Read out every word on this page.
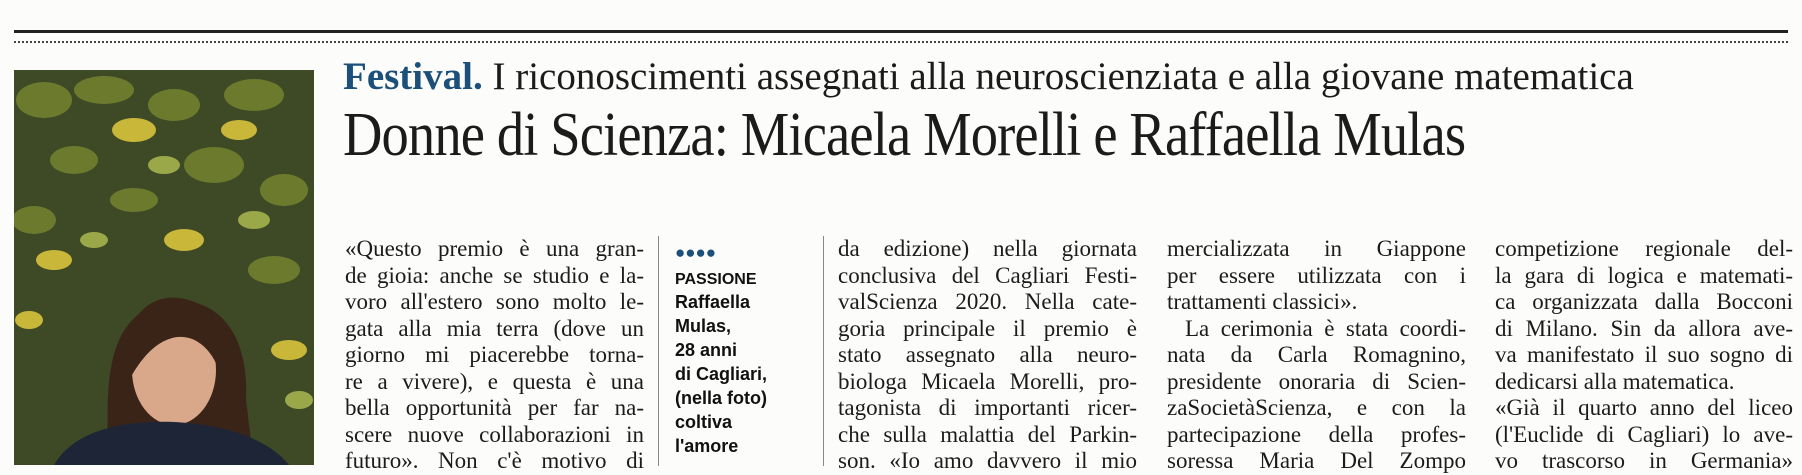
Festival. I riconoscimenti assegnati alla neuroscienziata e alla giovane matematica
Donne di Scienza: Micaela Morelli e Raffaella Mulas
«Questo premio è una gran-
de gioia: anche se studio e la-
voro all'estero sono molto le-
gata alla mia terra (dove un
giorno mi piacerebbe torna-
re a vivere), e questa è una
bella opportunità per far na-
scere nuove collaborazioni in
futuro». Non c'è motivo di
●●●●
PASSIONE
Raffaella
Mulas,
28 anni
di Cagliari,
(nella foto)
coltiva
l'amore
da edizione) nella giornata
conclusiva del Cagliari Festi-
valScienza 2020. Nella cate-
goria principale il premio è
stato assegnato alla neuro-
biologa Micaela Morelli, pro-
tagonista di importanti ricer-
che sulla malattia del Parkin-
son. «Io amo davvero il mio
mercializzata in Giappone
per essere utilizzata con i
trattamenti classici».
La cerimonia è stata coordi-
nata da Carla Romagnino,
presidente onoraria di Scien-
zaSocietàScienza, e con la
partecipazione della profes-
soressa Maria Del Zompo
competizione regionale del-
la gara di logica e matemati-
ca organizzata dalla Bocconi
di Milano. Sin da allora ave-
va manifestato il suo sogno di
dedicarsi alla matematica.
«Già il quarto anno del liceo
(l'Euclide di Cagliari) lo ave-
vo trascorso in Germania»
